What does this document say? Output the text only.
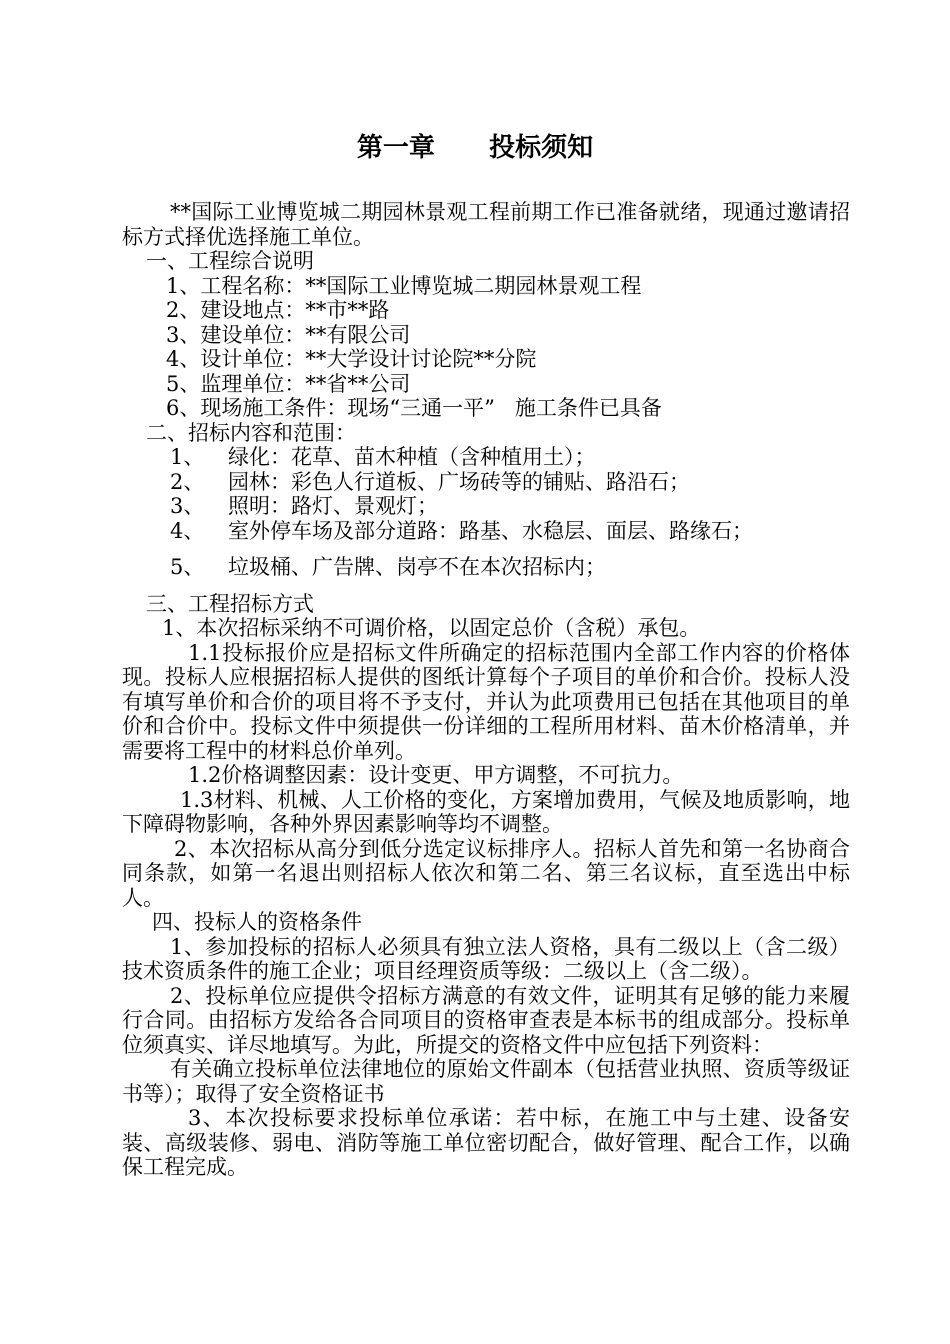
第一章      投标须知

**国际工业博览城二期园林景观工程前期工作已准备就绪，现通过邀请招标方式择优选择施工单位。

一、工程综合说明

1、工程名称：**国际工业博览城二期园林景观工程

2、建设地点：**市**路

3、建设单位：**有限公司

4、设计单位：**大学设计讨论院**分院

5、监理单位：**省**公司

6、现场施工条件：现场“三通一平”   施工条件已具备

二、招标内容和范围：

1、 绿化：花草、苗木种植（含种植用土）；

2、 园林：彩色人行道板、广场砖等的铺贴、路沿石；

3、 照明：路灯、景观灯；

4、 室外停车场及部分道路：路基、水稳层、面层、路缘石；

5、 垃圾桶、广告牌、岗亭不在本次招标内；

三、工程招标方式

1、本次招标采纳不可调价格，以固定总价（含税）承包。

1.1投标报价应是招标文件所确定的招标范围内全部工作内容的价格体现。投标人应根据招标人提供的图纸计算每个子项目的单价和合价。投标人没有填写单价和合价的项目将不予支付，并认为此项费用已包括在其他项目的单价和合价中。投标文件中须提供一份详细的工程所用材料、苗木价格清单，并需要将工程中的材料总价单列。

1.2价格调整因素：设计变更、甲方调整，不可抗力。

1.3材料、机械、人工价格的变化，方案增加费用，气候及地质影响，地下障碍物影响，各种外界因素影响等均不调整。

2、本次招标从高分到低分选定议标排序人。招标人首先和第一名协商合同条款，如第一名退出则招标人依次和第二名、第三名议标，直至选出中标人。

四、投标人的资格条件

1、参加投标的招标人必须具有独立法人资格，具有二级以上（含二级）技术资质条件的施工企业；项目经理资质等级：二级以上（含二级）。

2、投标单位应提供令招标方满意的有效文件，证明其有足够的能力来履行合同。由招标方发给各合同项目的资格审查表是本标书的组成部分。投标单位须真实、详尽地填写。为此，所提交的资格文件中应包括下列资料：

有关确立投标单位法律地位的原始文件副本（包括营业执照、资质等级证书等）；取得了安全资格证书

3、本次投标要求投标单位承诺：若中标，在施工中与土建、设备安装、高级装修、弱电、消防等施工单位密切配合，做好管理、配合工作，以确保工程完成。
